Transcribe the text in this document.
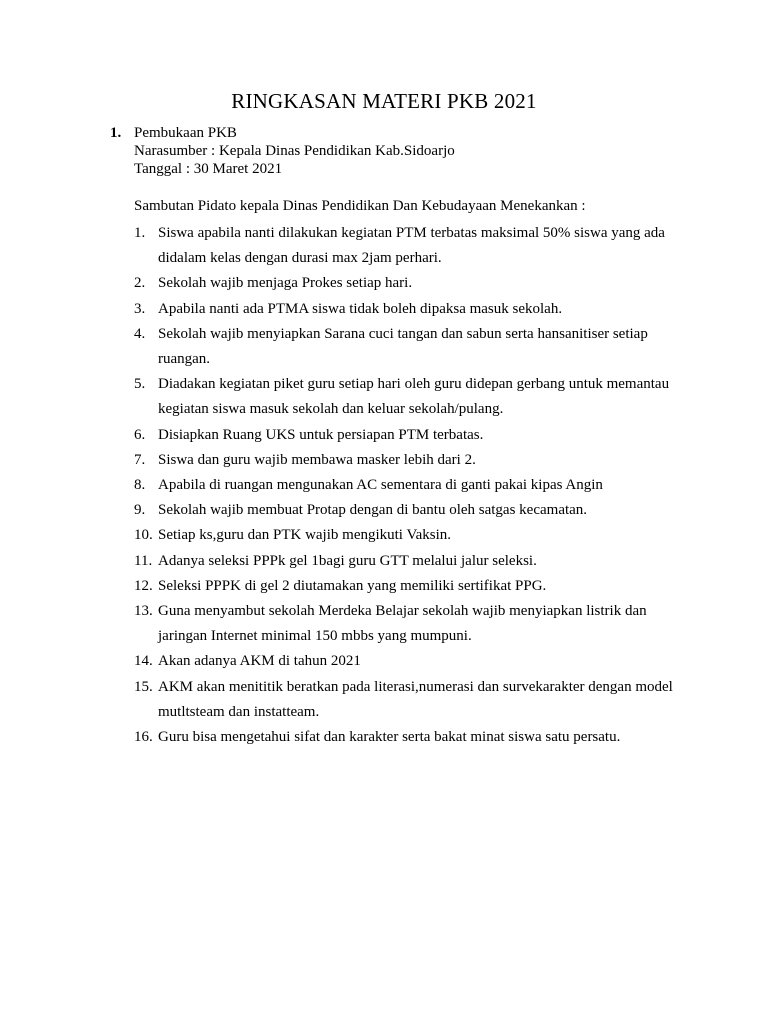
RINGKASAN MATERI PKB 2021
1. Pembukaan PKB
Narasumber : Kepala Dinas Pendidikan Kab.Sidoarjo
Tanggal : 30 Maret 2021
Sambutan Pidato kepala Dinas Pendidikan Dan Kebudayaan Menekankan :
1. Siswa apabila nanti dilakukan kegiatan PTM terbatas maksimal 50% siswa yang ada didalam kelas dengan durasi max 2jam perhari.
2. Sekolah wajib menjaga Prokes setiap hari.
3. Apabila nanti ada PTMA siswa tidak boleh dipaksa masuk sekolah.
4. Sekolah wajib menyiapkan Sarana cuci tangan dan sabun serta hansanitiser setiap ruangan.
5. Diadakan kegiatan piket guru setiap hari oleh guru didepan gerbang untuk memantau kegiatan siswa masuk sekolah dan keluar sekolah/pulang.
6. Disiapkan Ruang UKS untuk persiapan PTM terbatas.
7. Siswa dan guru wajib membawa masker lebih dari 2.
8. Apabila di ruangan mengunakan AC sementara di ganti pakai kipas Angin
9. Sekolah wajib membuat Protap dengan di bantu oleh satgas kecamatan.
10. Setiap ks,guru dan PTK wajib mengikuti Vaksin.
11. Adanya seleksi PPPk gel 1bagi guru GTT melalui jalur seleksi.
12. Seleksi PPPK di gel 2 diutamakan yang memiliki sertifikat PPG.
13. Guna menyambut sekolah Merdeka Belajar sekolah wajib menyiapkan listrik dan jaringan Internet minimal 150 mbbs yang mumpuni.
14. Akan adanya AKM di tahun 2021
15. AKM akan menititik beratkan pada literasi,numerasi dan survekarakter dengan model mutltsteam dan instatteam.
16. Guru bisa mengetahui sifat dan karakter serta bakat minat siswa satu persatu.
